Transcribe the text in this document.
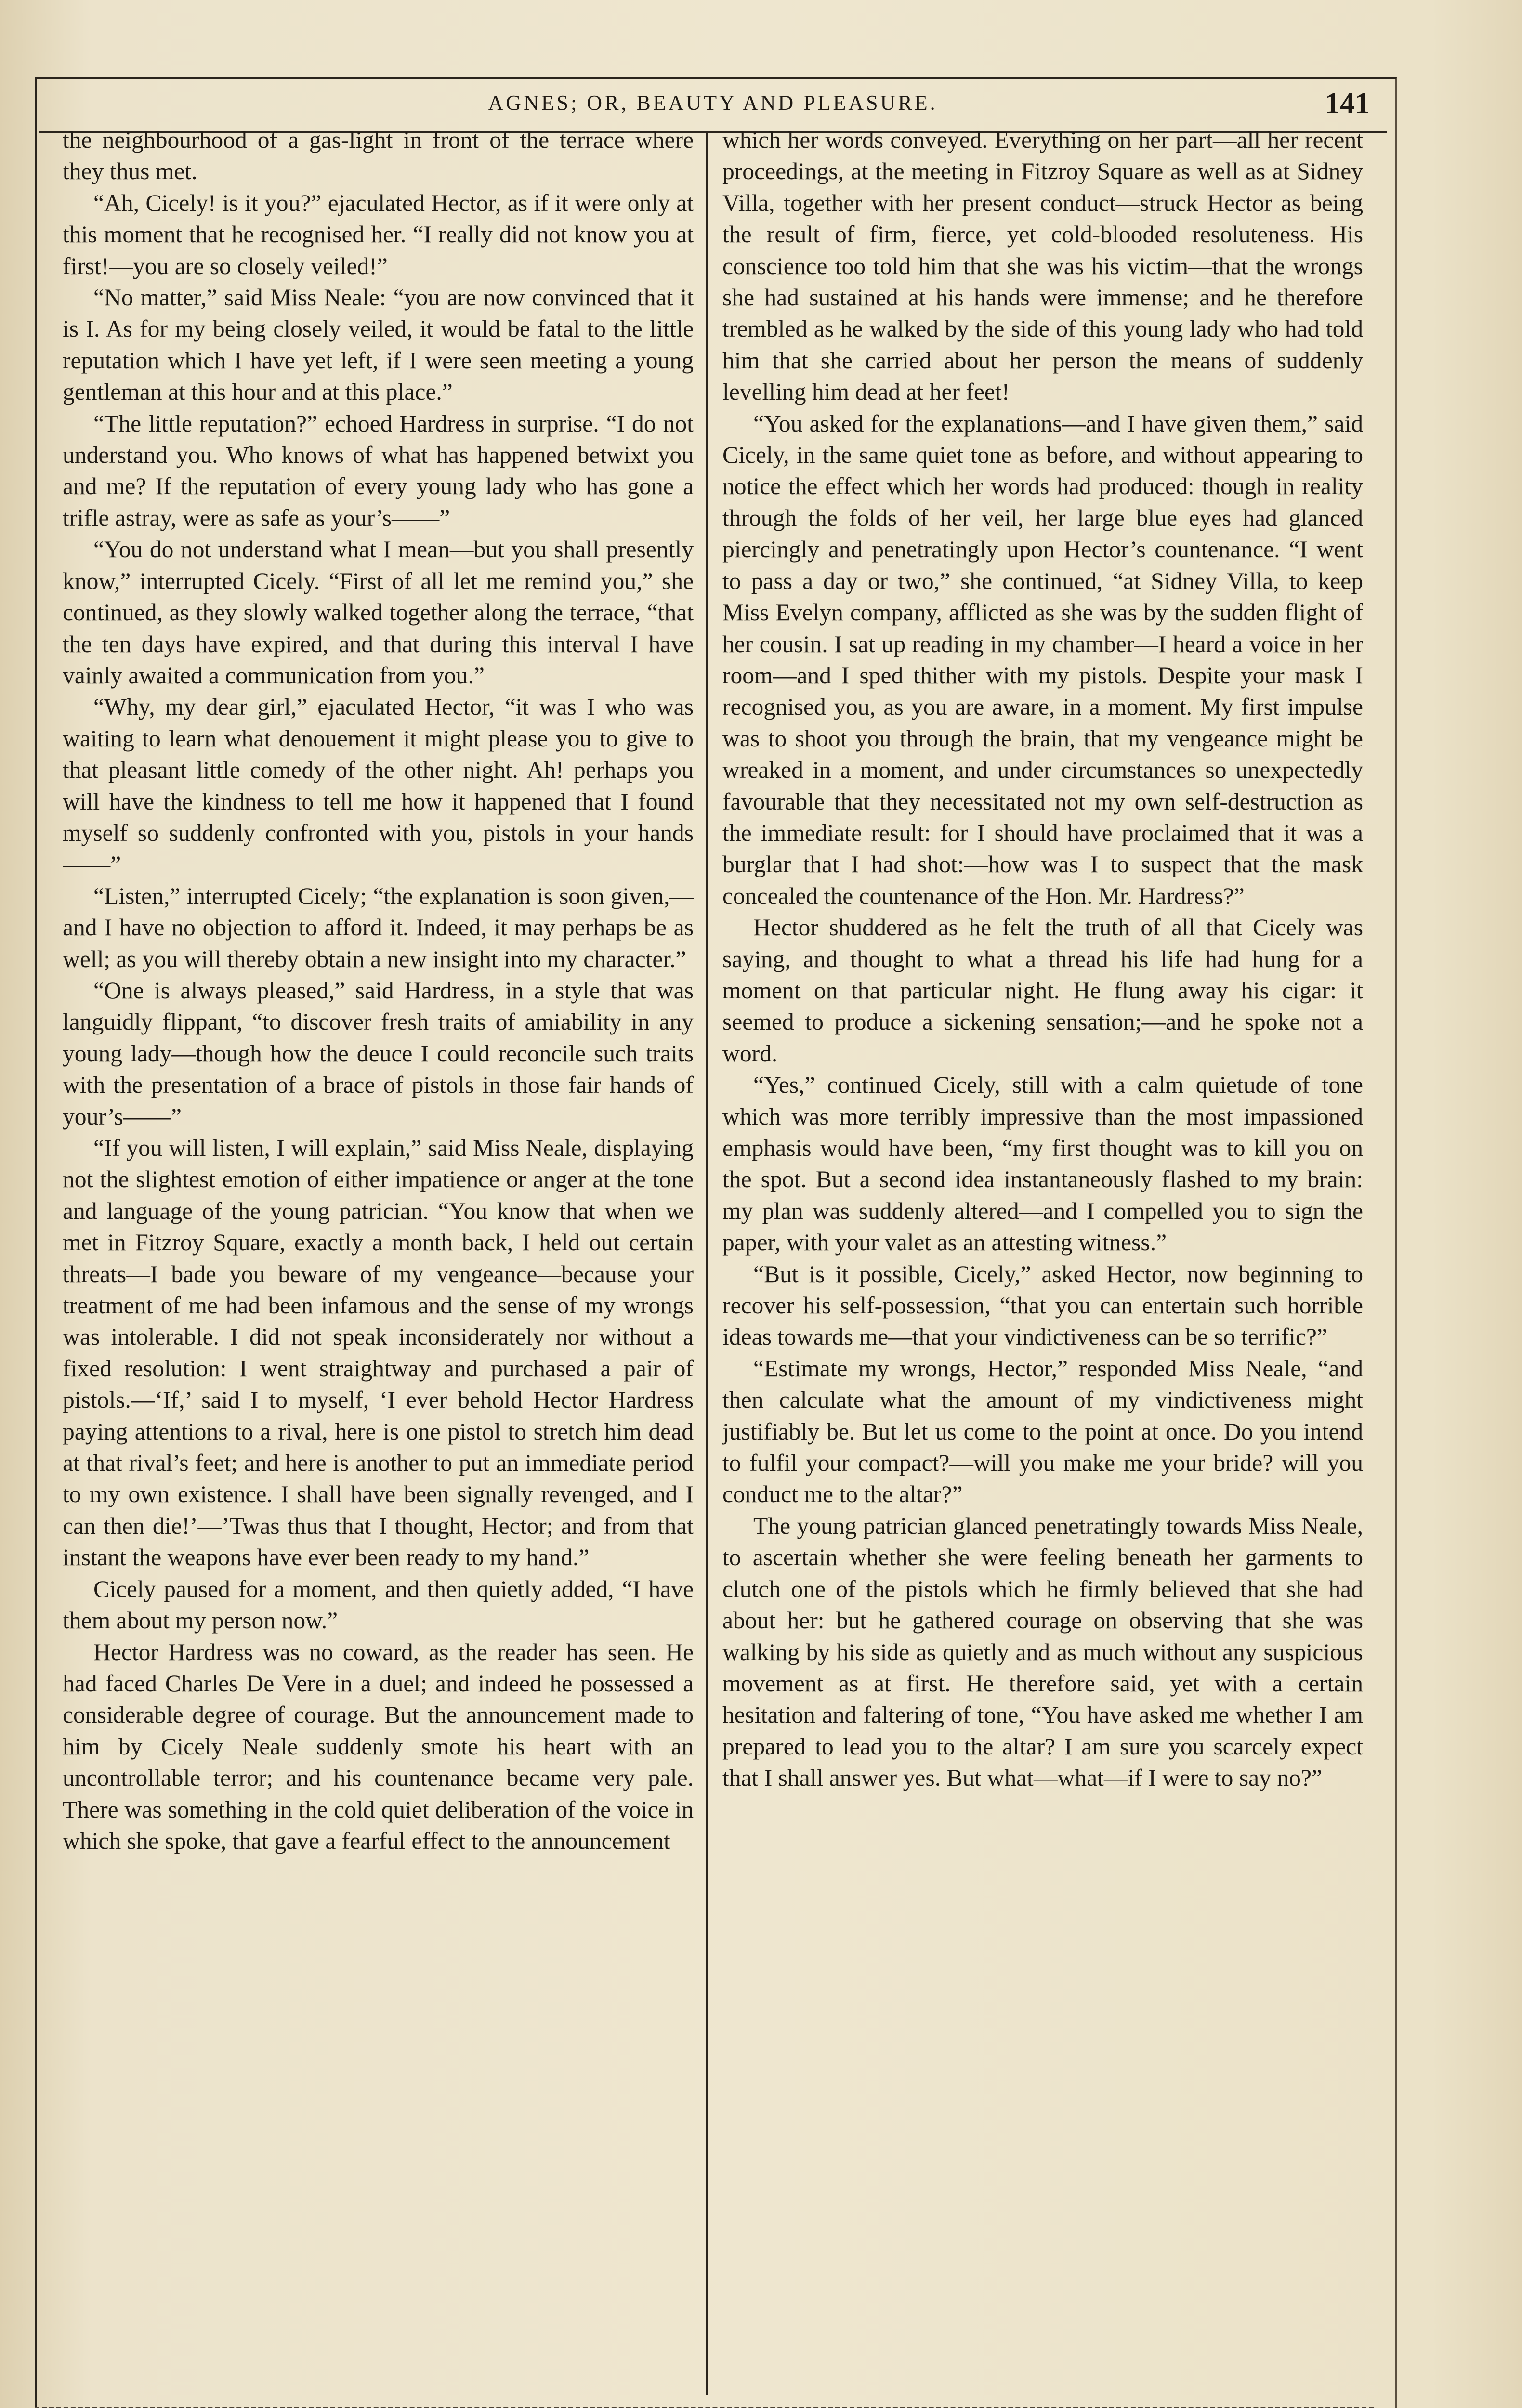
AGNES; OR, BEAUTY AND PLEASURE.	141

the neighbourhood of a gas-light in front of the terrace where they thus met.

“Ah, Cicely! is it you?” ejaculated Hector, as if it were only at this moment that he recognised her. “I really did not know you at first!—you are so closely veiled!”

“No matter,” said Miss Neale: “you are now convinced that it is I. As for my being closely veiled, it would be fatal to the little reputation which I have yet left, if I were seen meeting a young gentleman at this hour and at this place.”

“The little reputation?” echoed Hardress in surprise. “I do not understand you. Who knows of what has happened betwixt you and me? If the reputation of every young lady who has gone a trifle astray, were as safe as your’s——”

“You do not understand what I mean—but you shall presently know,” interrupted Cicely. “First of all let me remind you,” she continued, as they slowly walked together along the terrace, “that the ten days have expired, and that during this interval I have vainly awaited a communication from you.”

“Why, my dear girl,” ejaculated Hector, “it was I who was waiting to learn what denouement it might please you to give to that pleasant little comedy of the other night. Ah! perhaps you will have the kindness to tell me how it happened that I found myself so suddenly confronted with you, pistols in your hands——”

“Listen,” interrupted Cicely; “the explanation is soon given,—and I have no objection to afford it. Indeed, it may perhaps be as well; as you will thereby obtain a new insight into my character.”

“One is always pleased,” said Hardress, in a style that was languidly flippant, “to discover fresh traits of amiability in any young lady—though how the deuce I could reconcile such traits with the presentation of a brace of pistols in those fair hands of your’s——”

“If you will listen, I will explain,” said Miss Neale, displaying not the slightest emotion of either impatience or anger at the tone and language of the young patrician. “You know that when we met in Fitzroy Square, exactly a month back, I held out certain threats—I bade you beware of my vengeance—because your treatment of me had been infamous and the sense of my wrongs was intolerable. I did not speak inconsiderately nor without a fixed resolution: I went straightway and purchased a pair of pistols.—‘If,’ said I to myself, ‘I ever behold Hector Hardress paying attentions to a rival, here is one pistol to stretch him dead at that rival’s feet; and here is another to put an immediate period to my own existence. I shall have been signally revenged, and I can then die!’—’Twas thus that I thought, Hector; and from that instant the weapons have ever been ready to my hand.”

Cicely paused for a moment, and then quietly added, “I have them about my person now.”

Hector Hardress was no coward, as the reader has seen. He had faced Charles De Vere in a duel; and indeed he possessed a considerable degree of courage. But the announcement made to him by Cicely Neale suddenly smote his heart with an uncontrollable terror; and his countenance became very pale. There was something in the cold quiet deliberation of the voice in which she spoke, that gave a fearful effect to the announcement

which her words conveyed. Everything on her part—all her recent proceedings, at the meeting in Fitzroy Square as well as at Sidney Villa, together with her present conduct—struck Hector as being the result of firm, fierce, yet cold-blooded resoluteness. His conscience too told him that she was his victim—that the wrongs she had sustained at his hands were immense; and he therefore trembled as he walked by the side of this young lady who had told him that she carried about her person the means of suddenly levelling him dead at her feet!

“You asked for the explanations—and I have given them,” said Cicely, in the same quiet tone as before, and without appearing to notice the effect which her words had produced: though in reality through the folds of her veil, her large blue eyes had glanced piercingly and penetratingly upon Hector’s countenance. “I went to pass a day or two,” she continued, “at Sidney Villa, to keep Miss Evelyn company, afflicted as she was by the sudden flight of her cousin. I sat up reading in my chamber—I heard a voice in her room—and I sped thither with my pistols. Despite your mask I recognised you, as you are aware, in a moment. My first impulse was to shoot you through the brain, that my vengeance might be wreaked in a moment, and under circumstances so unexpectedly favourable that they necessitated not my own self-destruction as the immediate result: for I should have proclaimed that it was a burglar that I had shot:—how was I to suspect that the mask concealed the countenance of the Hon. Mr. Hardress?”

Hector shuddered as he felt the truth of all that Cicely was saying, and thought to what a thread his life had hung for a moment on that particular night. He flung away his cigar: it seemed to produce a sickening sensation;—and he spoke not a word.

“Yes,” continued Cicely, still with a calm quietude of tone which was more terribly impressive than the most impassioned emphasis would have been, “my first thought was to kill you on the spot. But a second idea instantaneously flashed to my brain: my plan was suddenly altered—and I compelled you to sign the paper, with your valet as an attesting witness.”

“But is it possible, Cicely,” asked Hector, now beginning to recover his self-possession, “that you can entertain such horrible ideas towards me—that your vindictiveness can be so terrific?”

“Estimate my wrongs, Hector,” responded Miss Neale, “and then calculate what the amount of my vindictiveness might justifiably be. But let us come to the point at once. Do you intend to fulfil your compact?—will you make me your bride? will you conduct me to the altar?”

The young patrician glanced penetratingly towards Miss Neale, to ascertain whether she were feeling beneath her garments to clutch one of the pistols which he firmly believed that she had about her: but he gathered courage on observing that she was walking by his side as quietly and as much without any suspicious movement as at first. He therefore said, yet with a certain hesitation and faltering of tone, “You have asked me whether I am prepared to lead you to the altar? I am sure you scarcely expect that I shall answer yes. But what—what—if I were to say no?”
